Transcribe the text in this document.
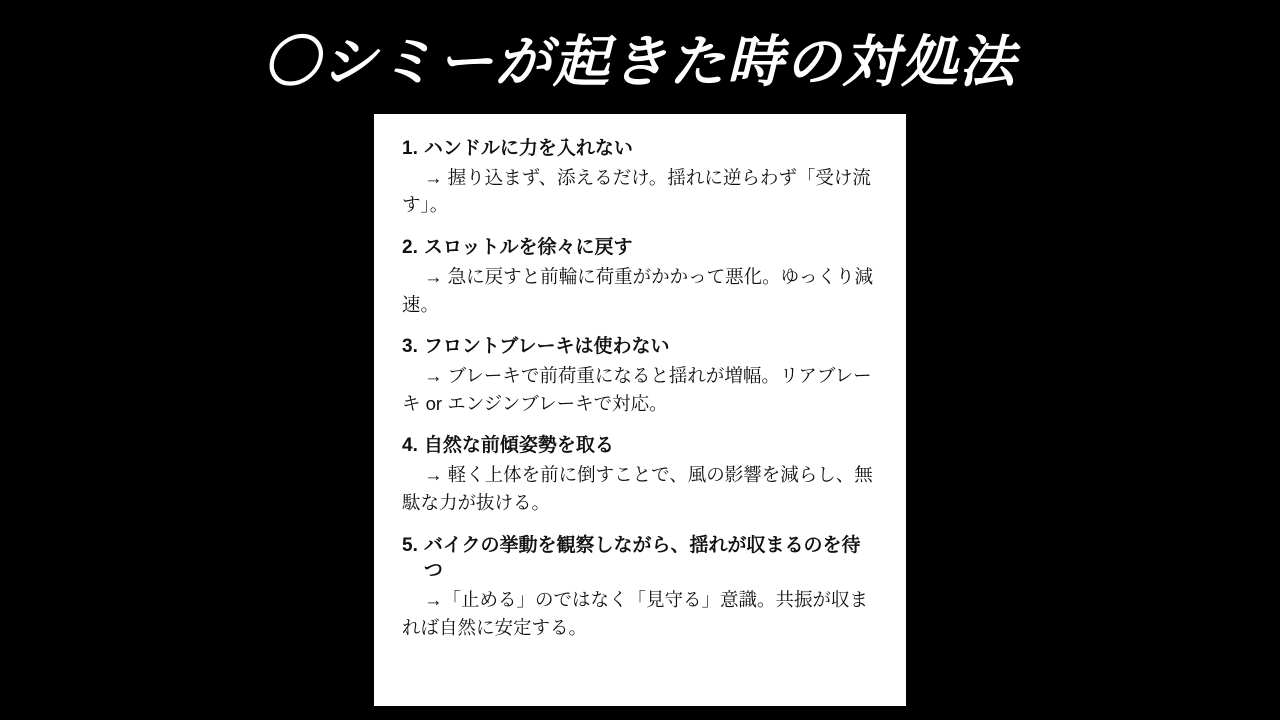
〇シミーが起きた時の対処法
1. ハンドルに力を入れない
→ 握り込まず、添えるだけ。揺れに逆らわず「受け流す」。
2. スロットルを徐々に戻す
→ 急に戻すと前輪に荷重がかかって悪化。ゆっくり減速。
3. フロントブレーキは使わない
→ ブレーキで前荷重になると揺れが増幅。リアブレーキ or エンジンブレーキで対応。
4. 自然な前傾姿勢を取る
→ 軽く上体を前に倒すことで、風の影響を減らし、無駄な力が抜ける。
5. バイクの挙動を観察しながら、揺れが収まるのを待つ
→「止める」のではなく「見守る」意識。共振が収まれば自然に安定する。
